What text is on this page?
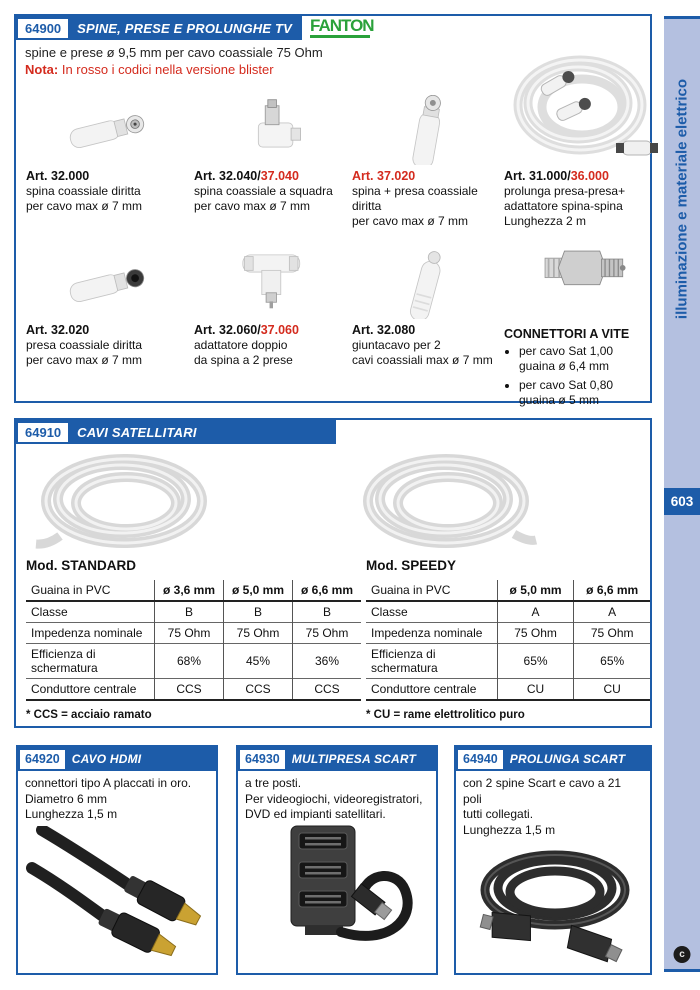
64900	SPINE, PRESE E PROLUNGHE TV FANTON
spine e prese ø 9,5 mm per cavo coassiale 75 Ohm
Nota: In rosso i codici nella versione blister
Art. 32.000
spina coassiale diritta
per cavo max ø 7 mm
Art. 32.040/37.040
spina coassiale a squadra
per cavo max ø 7 mm
Art. 37.020
spina + presa coassiale
diritta
per cavo max ø 7 mm
Art. 31.000/36.000
prolunga presa-presa+
adattatore spina-spina
Lunghezza 2 m
Art. 32.020
presa coassiale diritta
per cavo max ø 7 mm
Art. 32.060/37.060
adattatore doppio
da spina a 2 prese
Art. 32.080
giuntacavo per 2
cavi coassiali max ø 7 mm
CONNETTORI A VITE
• per cavo Sat 1,00
guaina ø 6,4 mm
• per cavo Sat 0,80
guaina ø 5 mm
64910	CAVI SATELLITARI
Mod. STANDARD	Mod. SPEEDY
Guaina in PVC	ø 3,6 mm	ø 5,0 mm	ø 6,6 mm
Classe	B	B	B
Impedenza nominale	75 Ohm	75 Ohm	75 Ohm
Efficienza di schermatura	68%	45%	36%
Conduttore centrale	CCS	CCS	CCS
* CCS = acciaio ramato
Guaina in PVC	ø 5,0 mm	ø 6,6 mm
Classe	A	A
Impedenza nominale	75 Ohm	75 Ohm
Efficienza di schermatura	65%	65%
Conduttore centrale	CU	CU
* CU = rame elettrolitico puro
64920	CAVO HDMI
connettori tipo A placcati in oro.
Diametro 6 mm
Lunghezza 1,5 m
64930	MULTIPRESA SCART
a tre posti.
Per videogiochi, videoregistratori,
DVD ed impianti satellitari.
64940	PROLUNGA SCART
con 2 spine Scart e cavo a 21 poli
tutti collegati.
Lunghezza 1,5 m
illuminazione e materiale elettrico
603
c
